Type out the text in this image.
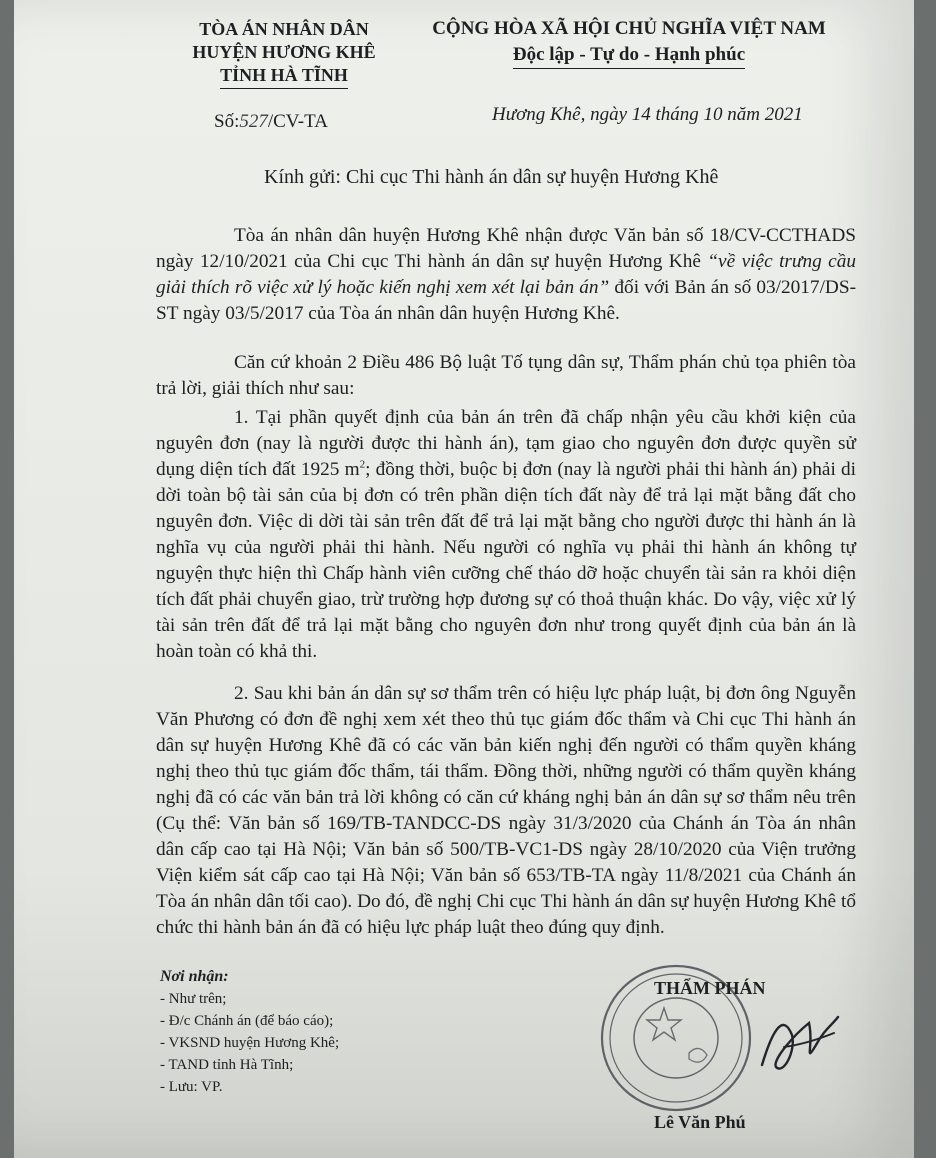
TÒA ÁN NHÂN DÂN
HUYỆN HƯƠNG KHÊ
TỈNH HÀ TĨNH
CỘNG HÒA XÃ HỘI CHỦ NGHĨA VIỆT NAM
Độc lập - Tự do - Hạnh phúc
Số:527/CV-TA	Hương Khê, ngày 14 tháng 10 năm 2021
Kính gửi: Chi cục Thi hành án dân sự huyện Hương Khê

Tòa án nhân dân huyện Hương Khê nhận được Văn bản số 18/CV-CCTHADS ngày 12/10/2021 của Chi cục Thi hành án dân sự huyện Hương Khê “về việc trưng cầu giải thích rõ việc xử lý hoặc kiến nghị xem xét lại bản án” đối với Bản án số 03/2017/DS-ST ngày 03/5/2017 của Tòa án nhân dân huyện Hương Khê.

Căn cứ khoản 2 Điều 486 Bộ luật Tố tụng dân sự, Thẩm phán chủ tọa phiên tòa trả lời, giải thích như sau:

1. Tại phần quyết định của bản án trên đã chấp nhận yêu cầu khởi kiện của nguyên đơn (nay là người được thi hành án), tạm giao cho nguyên đơn được quyền sử dụng diện tích đất 1925 $m^2$; đồng thời, buộc bị đơn (nay là người phải thi hành án) phải di dời toàn bộ tài sản của bị đơn có trên phần diện tích đất này để trả lại mặt bằng đất cho nguyên đơn. Việc di dời tài sản trên đất để trả lại mặt bằng cho người được thi hành án là nghĩa vụ của người phải thi hành. Nếu người có nghĩa vụ phải thi hành án không tự nguyện thực hiện thì Chấp hành viên cưỡng chế tháo dỡ hoặc chuyển tài sản ra khỏi diện tích đất phải chuyển giao, trừ trường hợp đương sự có thoả thuận khác. Do vậy, việc xử lý tài sản trên đất để trả lại mặt bằng cho nguyên đơn như trong quyết định của bản án là hoàn toàn có khả thi.

2. Sau khi bản án dân sự sơ thẩm trên có hiệu lực pháp luật, bị đơn ông Nguyễn Văn Phương có đơn đề nghị xem xét theo thủ tục giám đốc thẩm và Chi cục Thi hành án dân sự huyện Hương Khê đã có các văn bản kiến nghị đến người có thẩm quyền kháng nghị theo thủ tục giám đốc thẩm, tái thẩm. Đồng thời, những người có thẩm quyền kháng nghị đã có các văn bản trả lời không có căn cứ kháng nghị bản án dân sự sơ thẩm nêu trên (Cụ thể: Văn bản số 169/TB-TANDCC-DS ngày 31/3/2020 của Chánh án Tòa án nhân dân cấp cao tại Hà Nội; Văn bản số 500/TB-VC1-DS ngày 28/10/2020 của Viện trưởng Viện kiểm sát cấp cao tại Hà Nội; Văn bản số 653/TB-TA ngày 11/8/2021 của Chánh án Tòa án nhân dân tối cao). Do đó, đề nghị Chi cục Thi hành án dân sự huyện Hương Khê tổ chức thi hành bản án đã có hiệu lực pháp luật theo đúng quy định.

Nơi nhận:
- Như trên;
- Đ/c Chánh án (để báo cáo);
- VKSND huyện Hương Khê;
- TAND tỉnh Hà Tĩnh;
- Lưu: VP.
THẨM PHÁN
Lê Văn Phú
